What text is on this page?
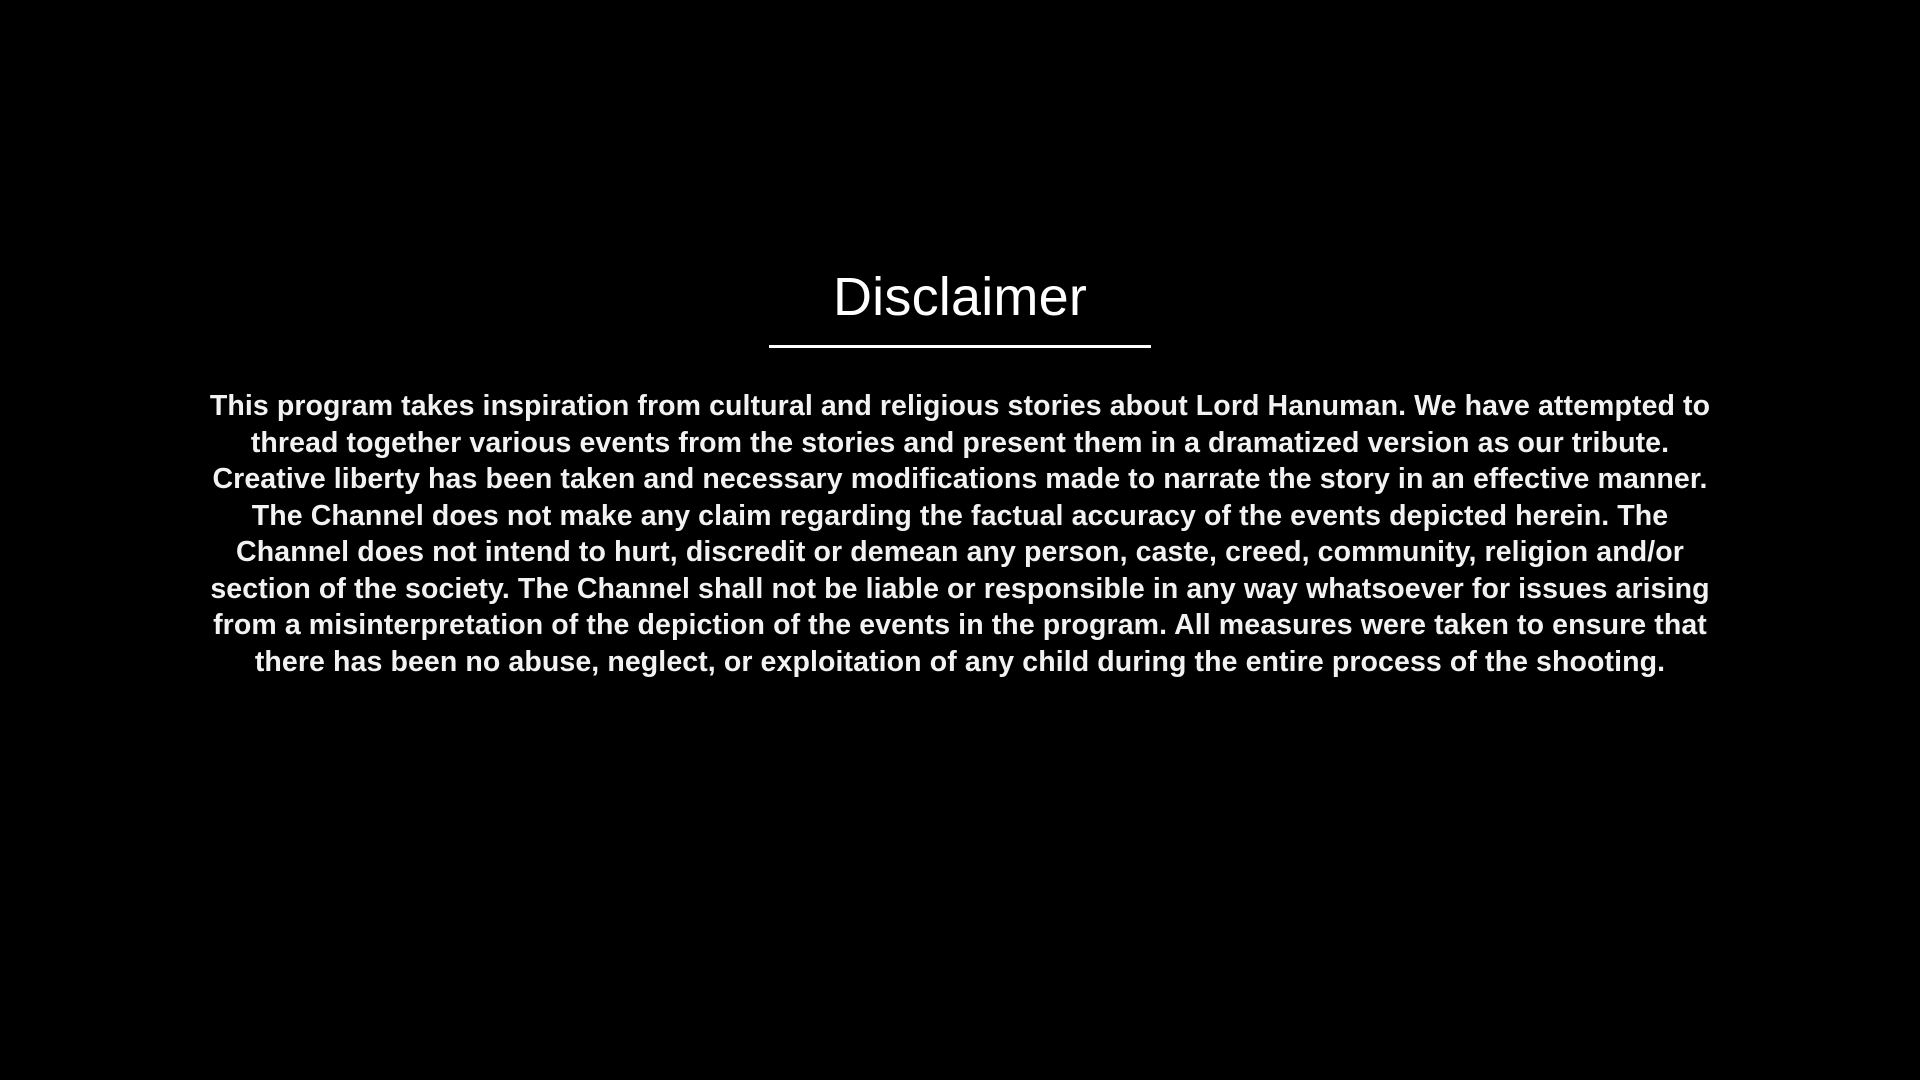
Disclaimer

This program takes inspiration from cultural and religious stories about Lord Hanuman. We have attempted to thread together various events from the stories and present them in a dramatized version as our tribute. Creative liberty has been taken and necessary modifications made to narrate the story in an effective manner. The Channel does not make any claim regarding the factual accuracy of the events depicted herein. The Channel does not intend to hurt, discredit or demean any person, caste, creed, community, religion and/or section of the society. The Channel shall not be liable or responsible in any way whatsoever for issues arising from a misinterpretation of the depiction of the events in the program. All measures were taken to ensure that there has been no abuse, neglect, or exploitation of any child during the entire process of the shooting.
